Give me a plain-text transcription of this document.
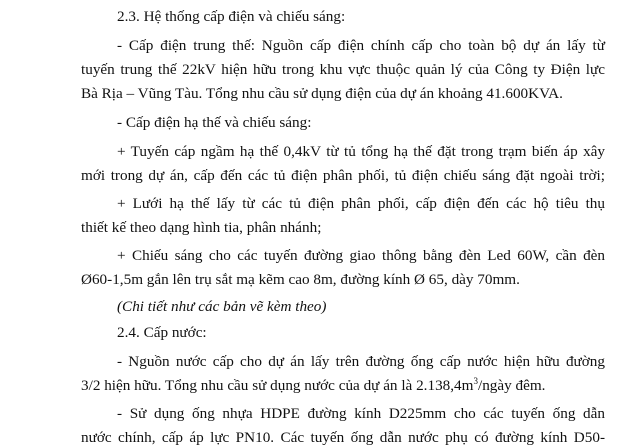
2.3. Hệ thống cấp điện và chiếu sáng:
- Cấp điện trung thế: Nguồn cấp điện chính cấp cho toàn bộ dự án lấy từ
tuyến trung thế 22kV hiện hữu trong khu vực thuộc quản lý của Công ty Điện lực
Bà Rịa – Vũng Tàu. Tổng nhu cầu sử dụng điện của dự án khoảng 41.600KVA.
- Cấp điện hạ thế và chiếu sáng:
+ Tuyến cáp ngầm hạ thế 0,4kV từ tủ tổng hạ thế đặt trong trạm biến áp xây
mới trong dự án, cấp đến các tủ điện phân phối, tủ điện chiếu sáng đặt ngoài trời;
+ Lưới hạ thế lấy từ các tủ điện phân phối, cấp điện đến các hộ tiêu thụ
thiết kế theo dạng hình tia, phân nhánh;
+ Chiếu sáng cho các tuyến đường giao thông bằng đèn Led 60W, cần đèn
Ø60-1,5m gắn lên trụ sắt mạ kẽm cao 8m, đường kính Ø 65, dày 70mm.
(Chi tiết như các bản vẽ kèm theo)
2.4. Cấp nước:
- Nguồn nước cấp cho dự án lấy trên đường ống cấp nước hiện hữu đường
3/2 hiện hữu. Tổng nhu cầu sử dụng nước của dự án là $2.138,4m^3$/ngày đêm.
- Sử dụng ống nhựa HDPE đường kính D225mm cho các tuyến ống dẫn
nước chính, cấp áp lực PN10. Các tuyến ống dẫn nước phụ có đường kính D50-
